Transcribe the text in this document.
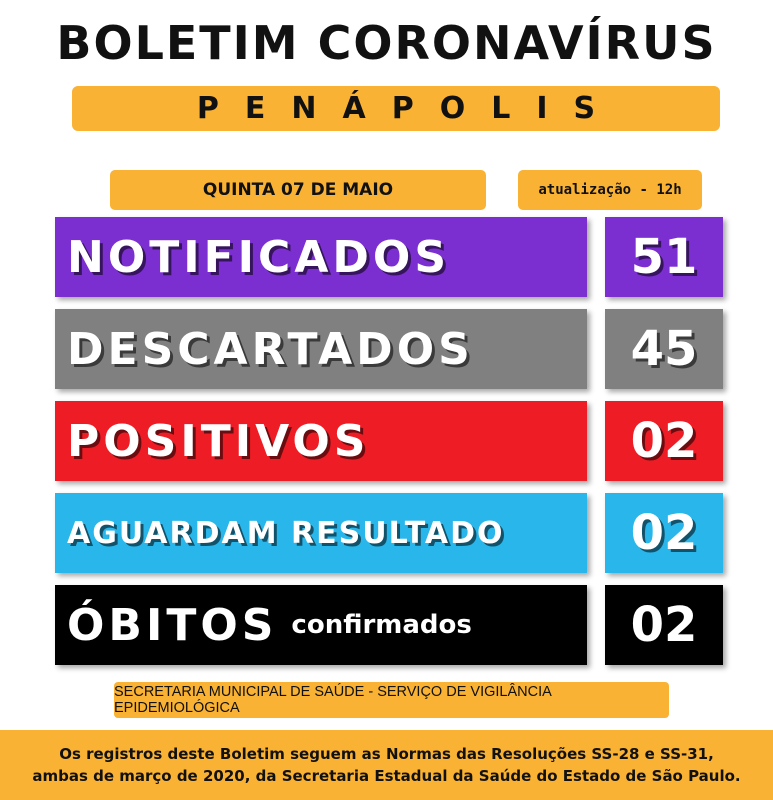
BOLETIM CORONAVÍRUS
PENÁPOLIS
QUINTA 07 DE MAIO	atualização - 12h
NOTIFICADOS	51
DESCARTADOS	45
POSITIVOS	02
AGUARDAM RESULTADO	02
ÓBITOS confirmados	02
SECRETARIA MUNICIPAL DE SAÚDE - SERVIÇO DE VIGILÂNCIA EPIDEMIOLÓGICA
Os registros deste Boletim seguem as Normas das Resoluções SS-28 e SS-31,
ambas de março de 2020, da Secretaria Estadual da Saúde do Estado de São Paulo.
